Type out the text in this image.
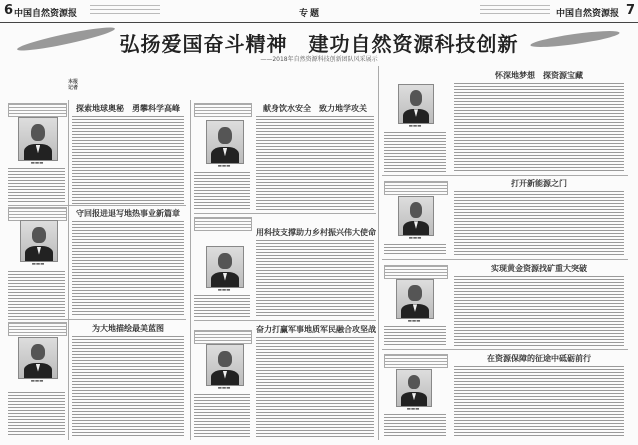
6 中国自然资源报	专题	中国自然资源报 7
弘扬爱国奋斗精神　建功自然资源科技创新
——2018年自然资源科技创新团队风采展示
本报记者
▬▬▬
▬▬▬
▬▬▬
探索地球奥秘　勇攀科学高峰
守回报进退写地热事业新篇章
为大地描绘最美蓝图
▬▬▬
献身饮水安全　致力地学攻关
用科技支撑助力乡村振兴伟大使命
▬▬▬
奋力打赢军事地质军民融合攻坚战
▬▬▬
▬▬▬
怀深地梦想　探资源宝藏
打开新能源之门
▬▬▬
实现黄金资源找矿重大突破
▬▬▬
在资源保障的征途中砥砺前行
▬▬▬
